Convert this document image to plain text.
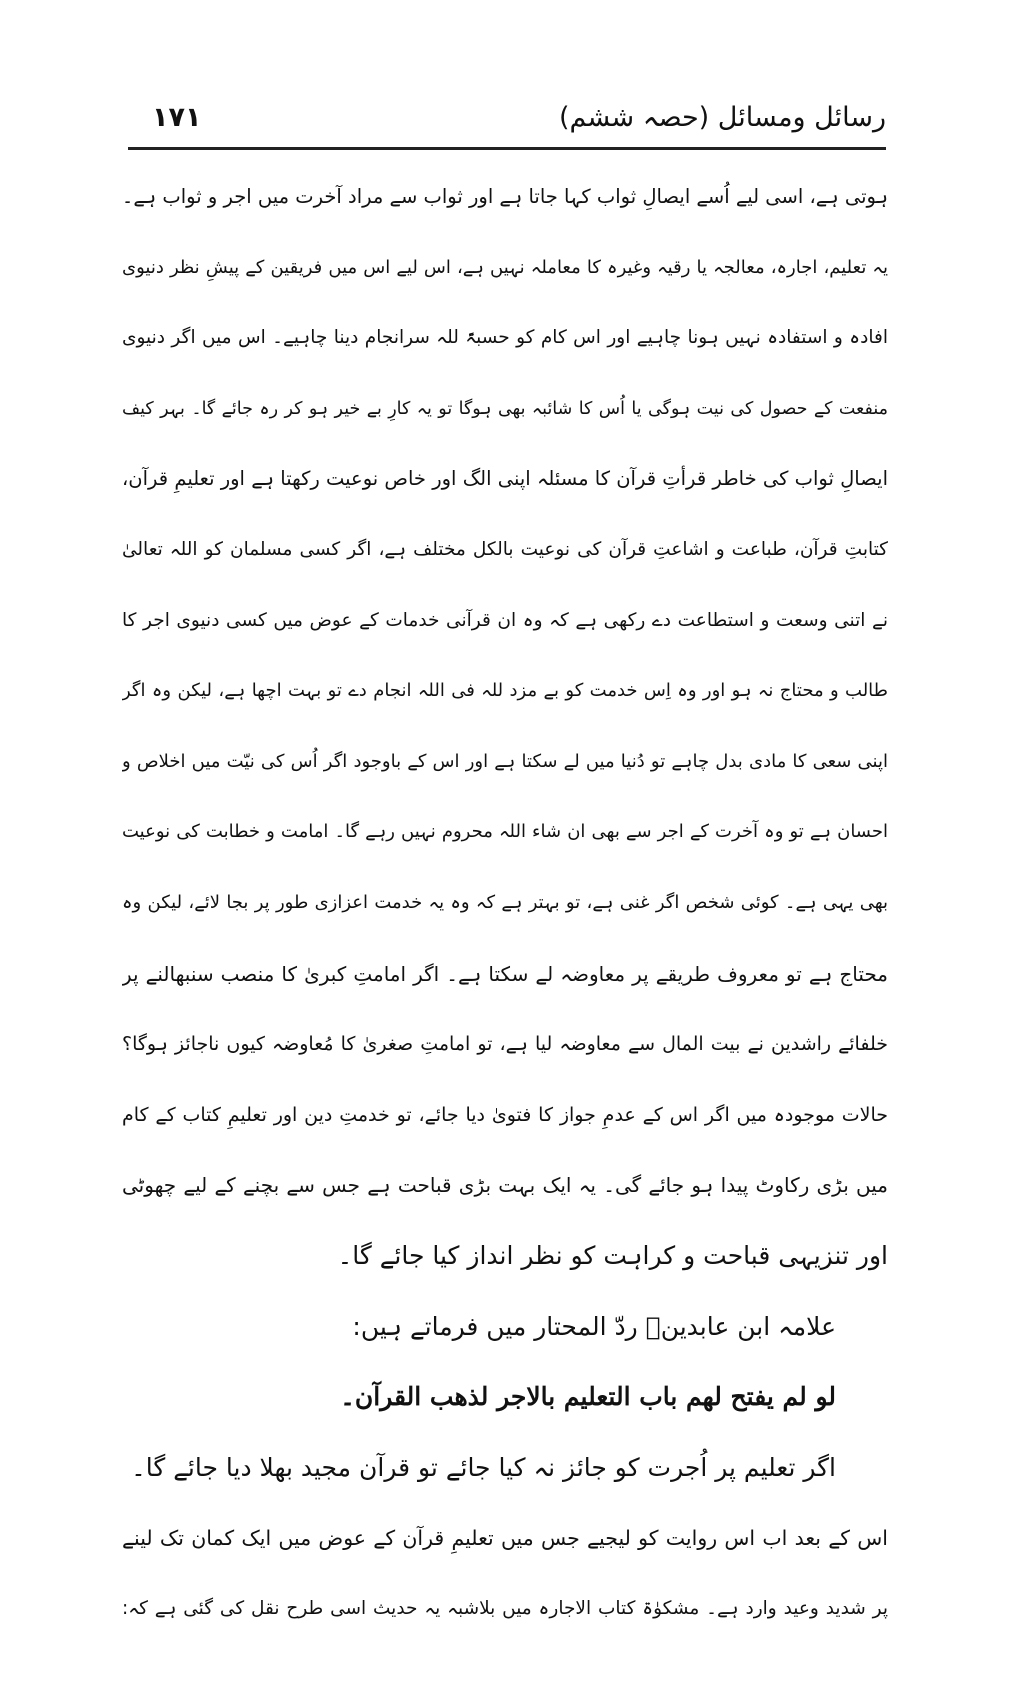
رسائل ومسائل (حصہ ششم)
۱۷۱
ہوتی ہے، اسی لیے اُسے ایصالِ ثواب کہا جاتا ہے اور ثواب سے مراد آخرت میں اجر و ثواب ہے۔
یہ تعلیم، اجارہ، معالجہ یا رقیہ وغیرہ کا معاملہ نہیں ہے، اس لیے اس میں فریقین کے پیشِ نظر دنیوی
افادہ و استفادہ نہیں ہونا چاہیے اور اس کام کو حسبۃً للہ سرانجام دینا چاہیے۔ اس میں اگر دنیوی
منفعت کے حصول کی نیت ہوگی یا اُس کا شائبہ بھی ہوگا تو یہ کارِ بے خیر ہو کر رہ جائے گا۔ بہر کیف
ایصالِ ثواب کی خاطر قرأتِ قرآن کا مسئلہ اپنی الگ اور خاص نوعیت رکھتا ہے اور تعلیمِ قرآن،
کتابتِ قرآن، طباعت و اشاعتِ قرآن کی نوعیت بالکل مختلف ہے، اگر کسی مسلمان کو اللہ تعالیٰ
نے اتنی وسعت و استطاعت دے رکھی ہے کہ وہ ان قرآنی خدمات کے عوض میں کسی دنیوی اجر کا
طالب و محتاج نہ ہو اور وہ اِس خدمت کو بے مزد للہ فی اللہ انجام دے تو بہت اچھا ہے، لیکن وہ اگر
اپنی سعی کا مادی بدل چاہے تو دُنیا میں لے سکتا ہے اور اس کے باوجود اگر اُس کی نیّت میں اخلاص و
احسان ہے تو وہ آخرت کے اجر سے بھی ان شاء اللہ محروم نہیں رہے گا۔ امامت و خطابت کی نوعیت
بھی یہی ہے۔ کوئی شخص اگر غنی ہے، تو بہتر ہے کہ وہ یہ خدمت اعزازی طور پر بجا لائے، لیکن وہ
محتاج ہے تو معروف طریقے پر معاوضہ لے سکتا ہے۔ اگر امامتِ کبریٰ کا منصب سنبھالنے پر
خلفائے راشدین نے بیت المال سے معاوضہ لیا ہے، تو امامتِ صغریٰ کا مُعاوضہ کیوں ناجائز ہوگا؟
حالات موجودہ میں اگر اس کے عدمِ جواز کا فتویٰ دیا جائے، تو خدمتِ دین اور تعلیمِ کتاب کے کام
میں بڑی رکاوٹ پیدا ہو جائے گی۔ یہ ایک بہت بڑی قباحت ہے جس سے بچنے کے لیے چھوٹی
اور تنزیہی قباحت و کراہت کو نظر انداز کیا جائے گا۔
علامہ ابن عابدینؒ ردّ المحتار میں فرماتے ہیں:
لو لم یفتح لهم باب التعليم بالاجر لذهب القرآن۔
اگر تعلیم پر اُجرت کو جائز نہ کیا جائے تو قرآن مجید بھلا دیا جائے گا۔
اس کے بعد اب اس روایت کو لیجیے جس میں تعلیمِ قرآن کے عوض میں ایک کمان تک لینے
پر شدید وعید وارد ہے۔ مشکوٰۃ کتاب الاجارہ میں بلاشبہ یہ حدیث اسی طرح نقل کی گئی ہے کہ:
